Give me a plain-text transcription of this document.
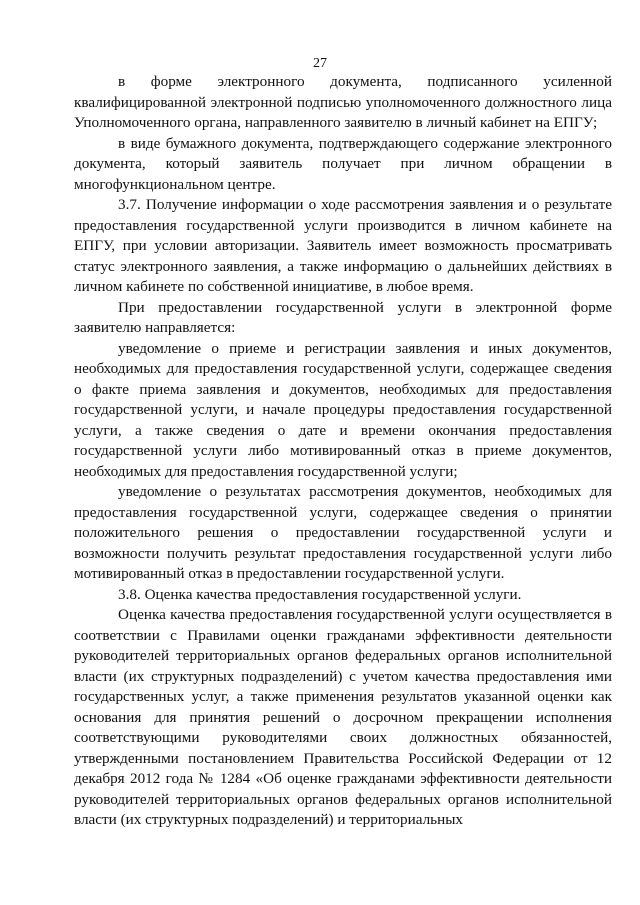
27

в форме электронного документа, подписанного усиленной квалифицированной электронной подписью уполномоченного должностного лица Уполномоченного органа, направленного заявителю в личный кабинет на ЕПГУ;

в виде бумажного документа, подтверждающего содержание электронного документа, который заявитель получает при личном обращении в многофункциональном центре.

3.7. Получение информации о ходе рассмотрения заявления и о результате предоставления государственной услуги производится в личном кабинете на ЕПГУ, при условии авторизации. Заявитель имеет возможность просматривать статус электронного заявления, а также информацию о дальнейших действиях в личном кабинете по собственной инициативе, в любое время.

При предоставлении государственной услуги в электронной форме заявителю направляется:

уведомление о приеме и регистрации заявления и иных документов, необходимых для предоставления государственной услуги, содержащее сведения о факте приема заявления и документов, необходимых для предоставления государственной услуги, и начале процедуры предоставления государственной услуги, а также сведения о дате и времени окончания предоставления государственной услуги либо мотивированный отказ в приеме документов, необходимых для предоставления государственной услуги;

уведомление о результатах рассмотрения документов, необходимых для предоставления государственной услуги, содержащее сведения о принятии положительного решения о предоставлении государственной услуги и возможности получить результат предоставления государственной услуги либо мотивированный отказ в предоставлении государственной услуги.

3.8. Оценка качества предоставления государственной услуги.

Оценка качества предоставления государственной услуги осуществляется в соответствии с Правилами оценки гражданами эффективности деятельности руководителей территориальных органов федеральных органов исполнительной власти (их структурных подразделений) с учетом качества предоставления ими государственных услуг, а также применения результатов указанной оценки как основания для принятия решений о досрочном прекращении исполнения соответствующими руководителями своих должностных обязанностей, утвержденными постановлением Правительства Российской Федерации от 12 декабря 2012 года № 1284 «Об оценке гражданами эффективности деятельности руководителей территориальных органов федеральных органов исполнительной власти (их структурных подразделений) и территориальных
